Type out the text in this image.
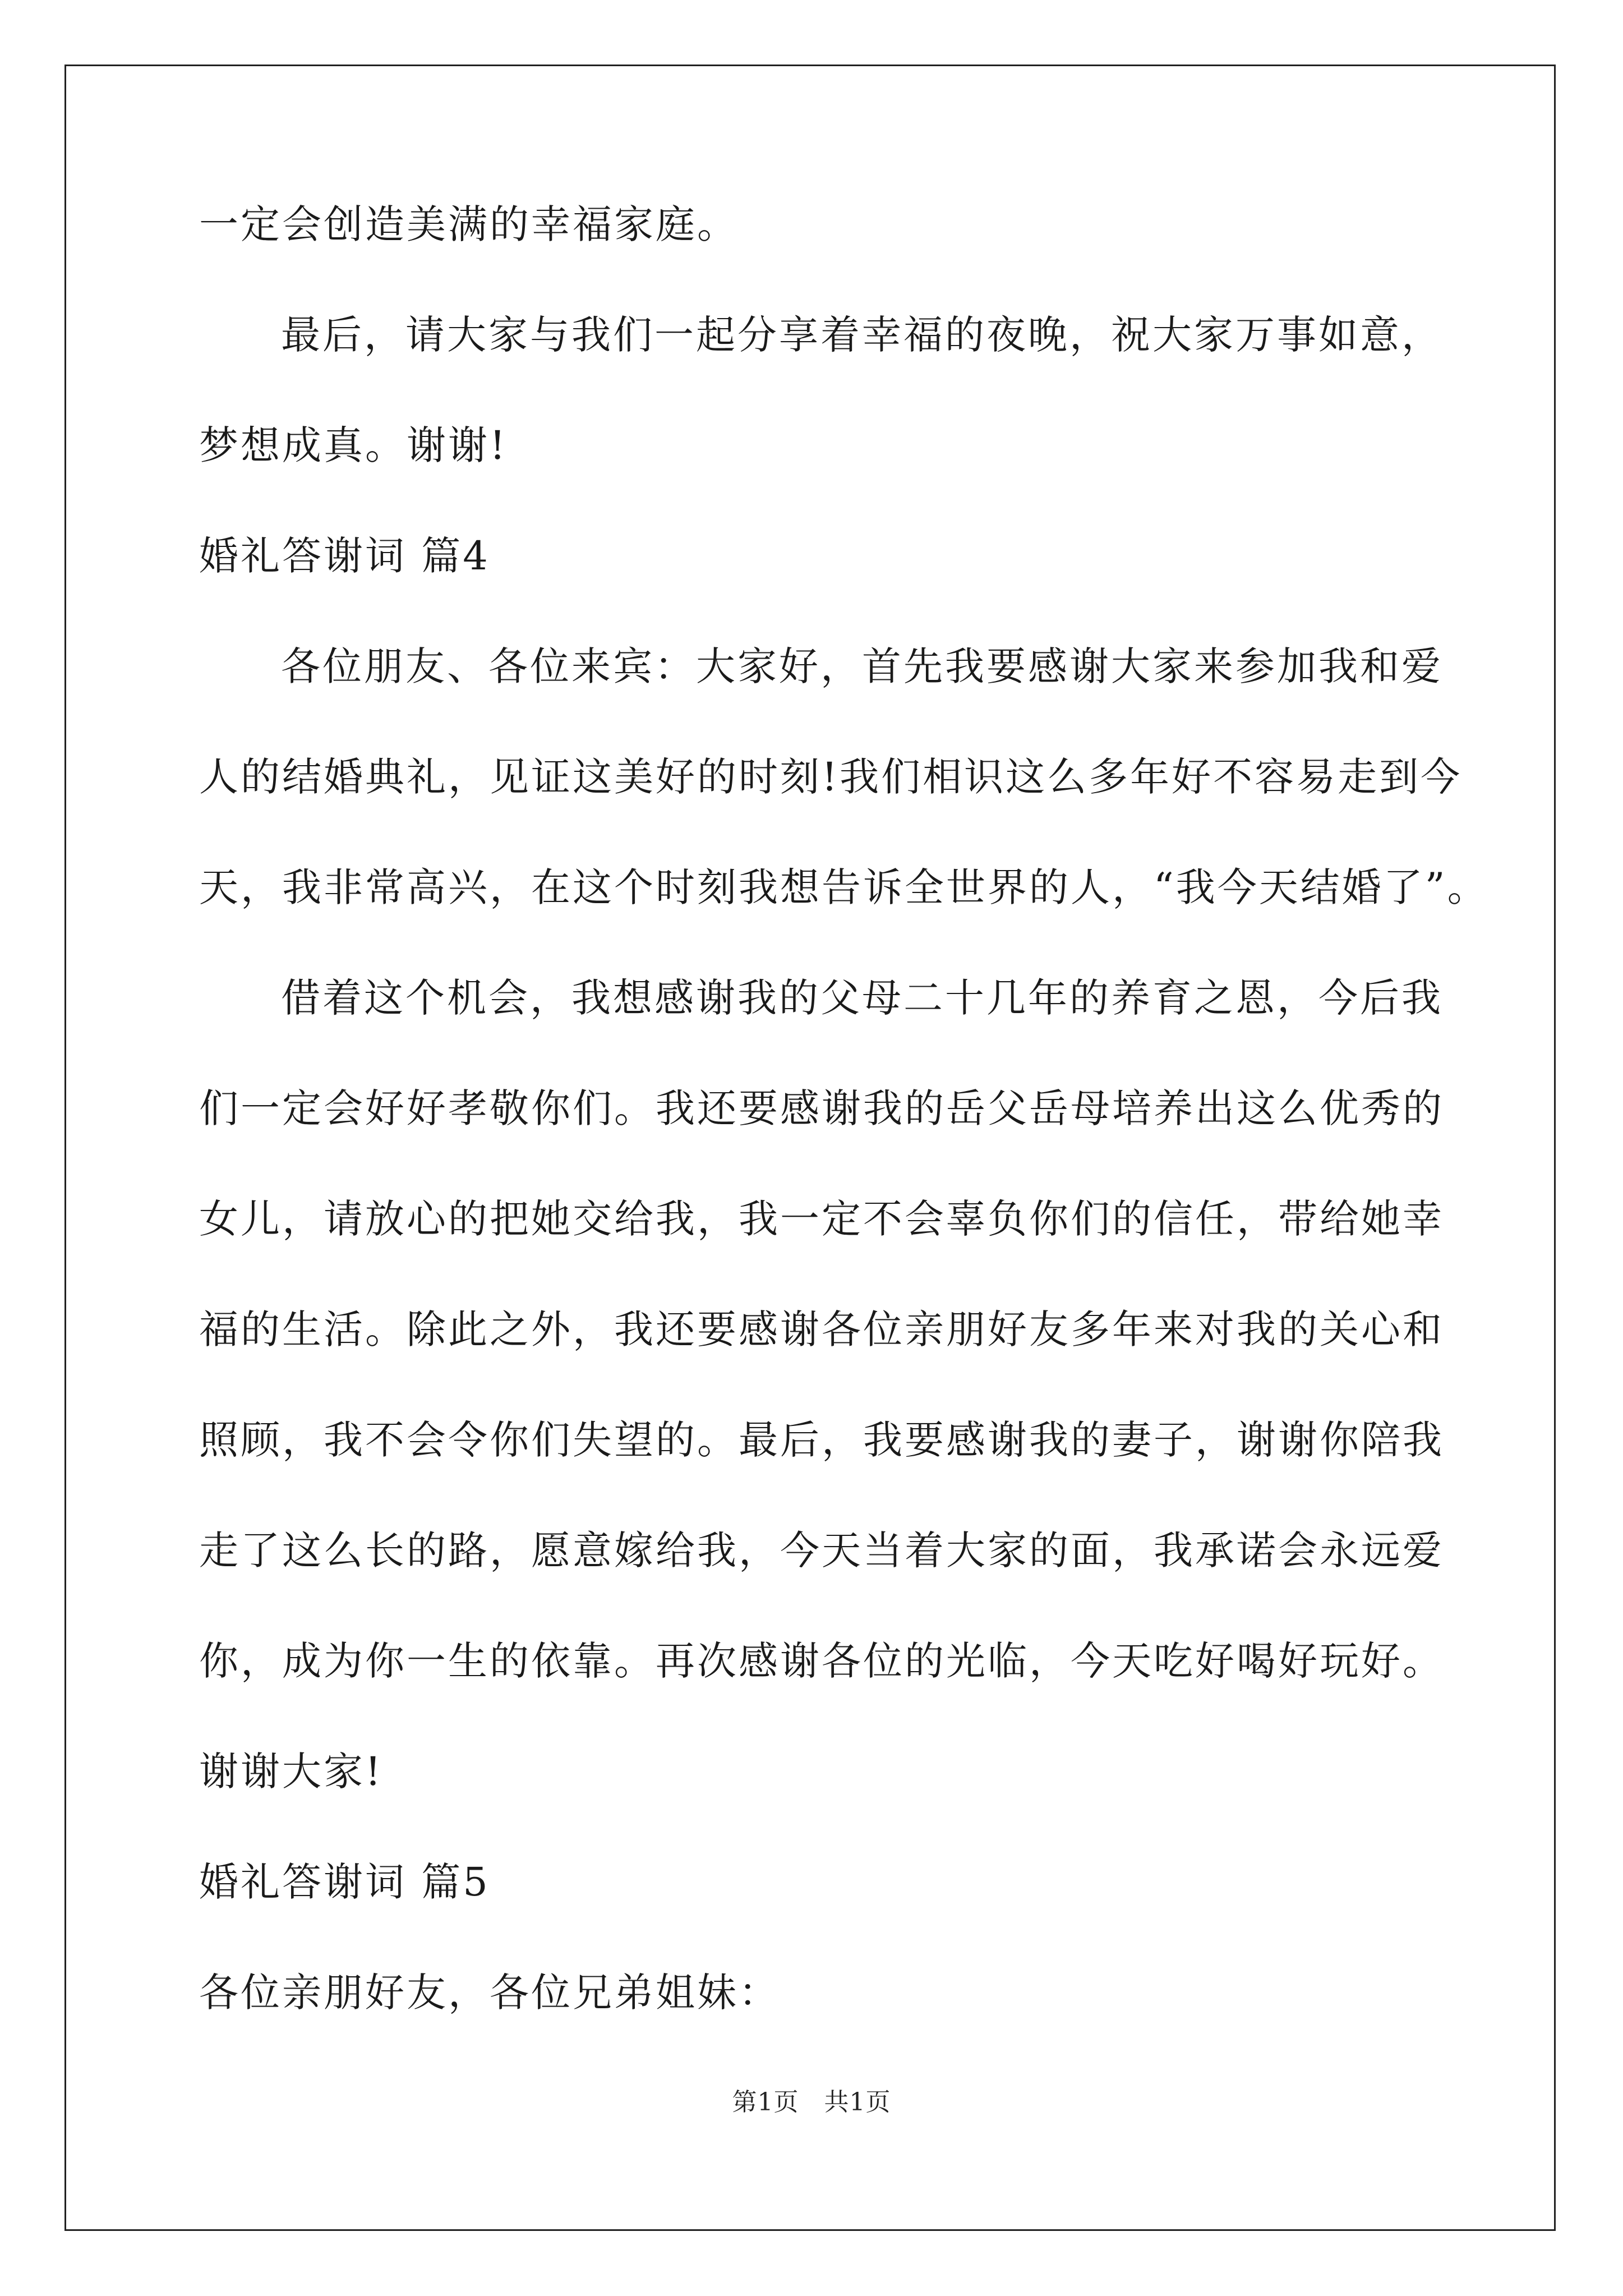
一定会创造美满的幸福家庭。
最后，请大家与我们一起分享着幸福的夜晚，祝大家万事如意，
梦想成真。谢谢!
婚礼答谢词 篇4
各位朋友、各位来宾：大家好，首先我要感谢大家来参加我和爱
人的结婚典礼，见证这美好的时刻!我们相识这么多年好不容易走到今
天，我非常高兴，在这个时刻我想告诉全世界的人，“我今天结婚了”。
借着这个机会，我想感谢我的父母二十几年的养育之恩，今后我
们一定会好好孝敬你们。我还要感谢我的岳父岳母培养出这么优秀的
女儿，请放心的把她交给我，我一定不会辜负你们的信任，带给她幸
福的生活。除此之外，我还要感谢各位亲朋好友多年来对我的关心和
照顾，我不会令你们失望的。最后，我要感谢我的妻子，谢谢你陪我
走了这么长的路，愿意嫁给我，今天当着大家的面，我承诺会永远爱
你，成为你一生的依靠。再次感谢各位的光临，今天吃好喝好玩好。
谢谢大家!
婚礼答谢词 篇5
各位亲朋好友，各位兄弟姐妹：
第1页　共1页
